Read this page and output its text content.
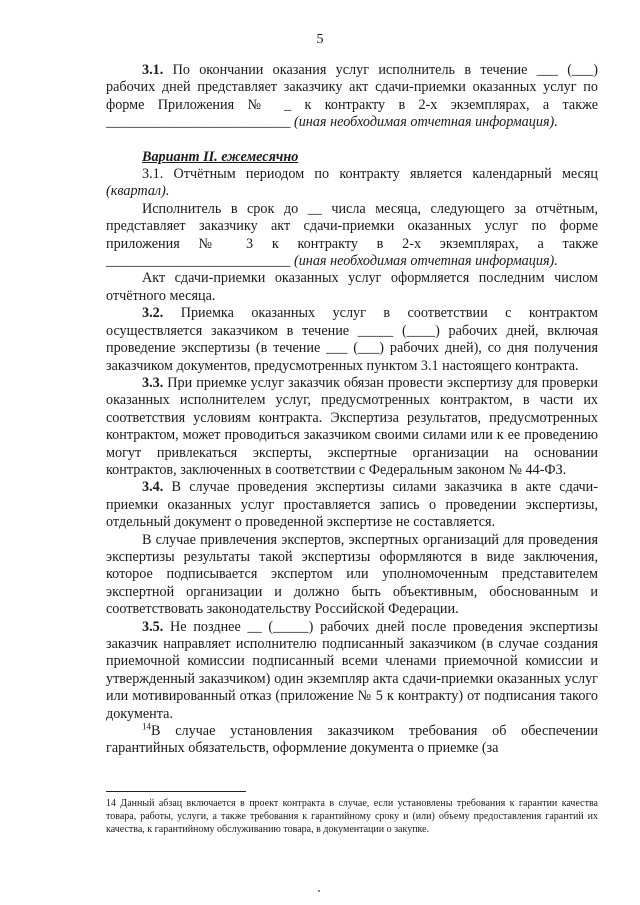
5

3.1. По окончании оказания услуг исполнитель в течение ___ (___) рабочих дней представляет заказчику акт сдачи-приемки оказанных услуг по форме Приложения № _ к контракту в 2-х экземплярах, а также __________________________ (иная необходимая отчетная информация).

Вариант II. ежемесячно

3.1. Отчётным периодом по контракту является календарный месяц (квартал).

Исполнитель в срок до __ числа месяца, следующего за отчётным, представляет заказчику акт сдачи-приемки оказанных услуг по форме приложения № 3 к контракту в 2-х экземплярах, а также __________________________ (иная необходимая отчетная информация).

Акт сдачи-приемки оказанных услуг оформляется последним числом отчётного месяца.

3.2. Приемка оказанных услуг в соответствии с контрактом осуществляется заказчиком в течение _____ (____) рабочих дней, включая проведение экспертизы (в течение ___ (___) рабочих дней), со дня получения заказчиком документов, предусмотренных пунктом 3.1 настоящего контракта.

3.3. При приемке услуг заказчик обязан провести экспертизу для проверки оказанных исполнителем услуг, предусмотренных контрактом, в части их соответствия условиям контракта. Экспертиза результатов, предусмотренных контрактом, может проводиться заказчиком своими силами или к ее проведению могут привлекаться эксперты, экспертные организации на основании контрактов, заключенных в соответствии с Федеральным законом № 44-ФЗ.

3.4. В случае проведения экспертизы силами заказчика в акте сдачи-приемки оказанных услуг проставляется запись о проведении экспертизы, отдельный документ о проведенной экспертизе не составляется.

В случае привлечения экспертов, экспертных организаций для проведения экспертизы результаты такой экспертизы оформляются в виде заключения, которое подписывается экспертом или уполномоченным представителем экспертной организации и должно быть объективным, обоснованным и соответствовать законодательству Российской Федерации.

3.5. Не позднее __ (_____) рабочих дней после проведения экспертизы заказчик направляет исполнителю подписанный заказчиком (в случае создания приемочной комиссии подписанный всеми членами приемочной комиссии и утвержденный заказчиком) один экземпляр акта сдачи-приемки оказанных услуг или мотивированный отказ (приложение № 5 к контракту) от подписания такого документа.

$^{14}$В случае установления заказчиком требования об обеспечении гарантийных обязательств, оформление документа о приемке (за

14 Данный абзац включается в проект контракта в случае, если установлены требования к гарантии качества товара, работы, услуги, а также требования к гарантийному сроку и (или) объему предоставления гарантий их качества, к гарантийному обслуживанию товара, в документации о закупке.
